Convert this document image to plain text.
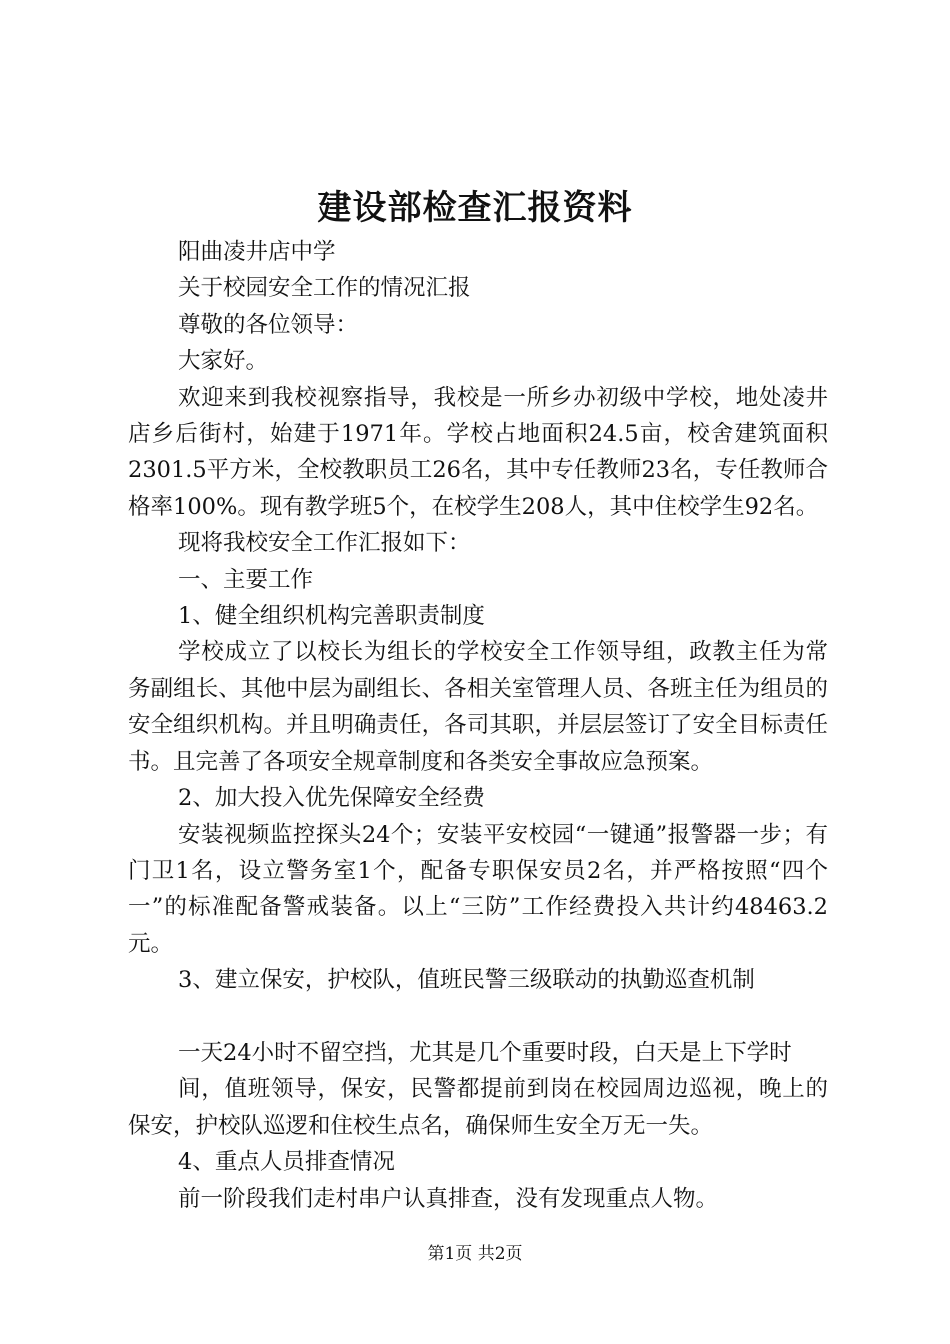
建设部检查汇报资料

阳曲凌井店中学

关于校园安全工作的情况汇报

尊敬的各位领导：

大家好。

欢迎来到我校视察指导，我校是一所乡办初级中学校，地处凌井店乡后街村，始建于1971年。学校占地面积24.5亩，校舍建筑面积2301.5平方米，全校教职员工26名，其中专任教师23名，专任教师合格率100%。现有教学班5个，在校学生208人，其中住校学生92名。

现将我校安全工作汇报如下：

一、主要工作

1、健全组织机构完善职责制度

学校成立了以校长为组长的学校安全工作领导组，政教主任为常务副组长、其他中层为副组长、各相关室管理人员、各班主任为组员的安全组织机构。并且明确责任，各司其职，并层层签订了安全目标责任书。且完善了各项安全规章制度和各类安全事故应急预案。

2、加大投入优先保障安全经费

安装视频监控探头24个；安装平安校园“一键通”报警器一步；有门卫1名，设立警务室1个，配备专职保安员2名，并严格按照“四个一”的标准配备警戒装备。以上“三防”工作经费投入共计约48463.2元。

3、建立保安，护校队，值班民警三级联动的执勤巡查机制

一天24小时不留空挡，尤其是几个重要时段，白天是上下学时

间，值班领导，保安，民警都提前到岗在校园周边巡视，晚上的保安，护校队巡逻和住校生点名，确保师生安全万无一失。

4、重点人员排查情况

前一阶段我们走村串户认真排查，没有发现重点人物。

第1页 共2页
